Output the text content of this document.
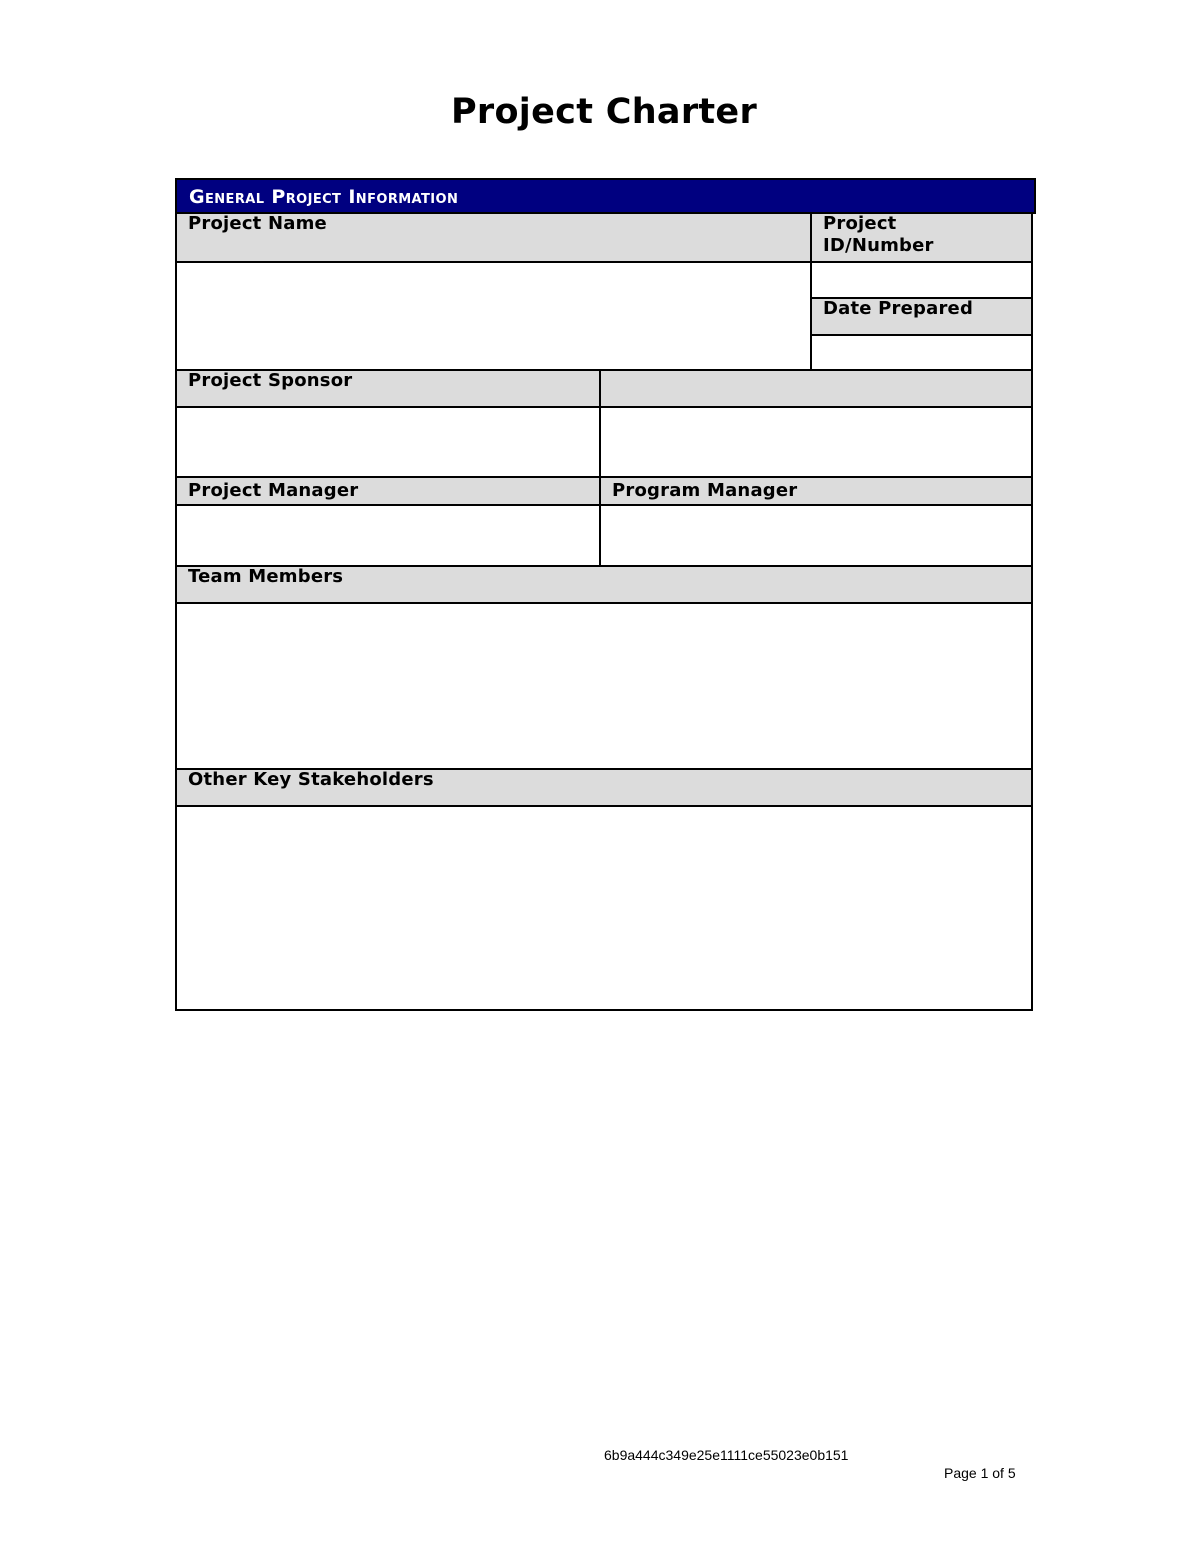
Project Charter
General Project Information
Project Name	Project ID/Number
Date Prepared
Project Sponsor
Project Manager	Program Manager
Team Members
Other Key Stakeholders
6b9a444c349e25e1111ce55023e0b151
Page 1 of 5
